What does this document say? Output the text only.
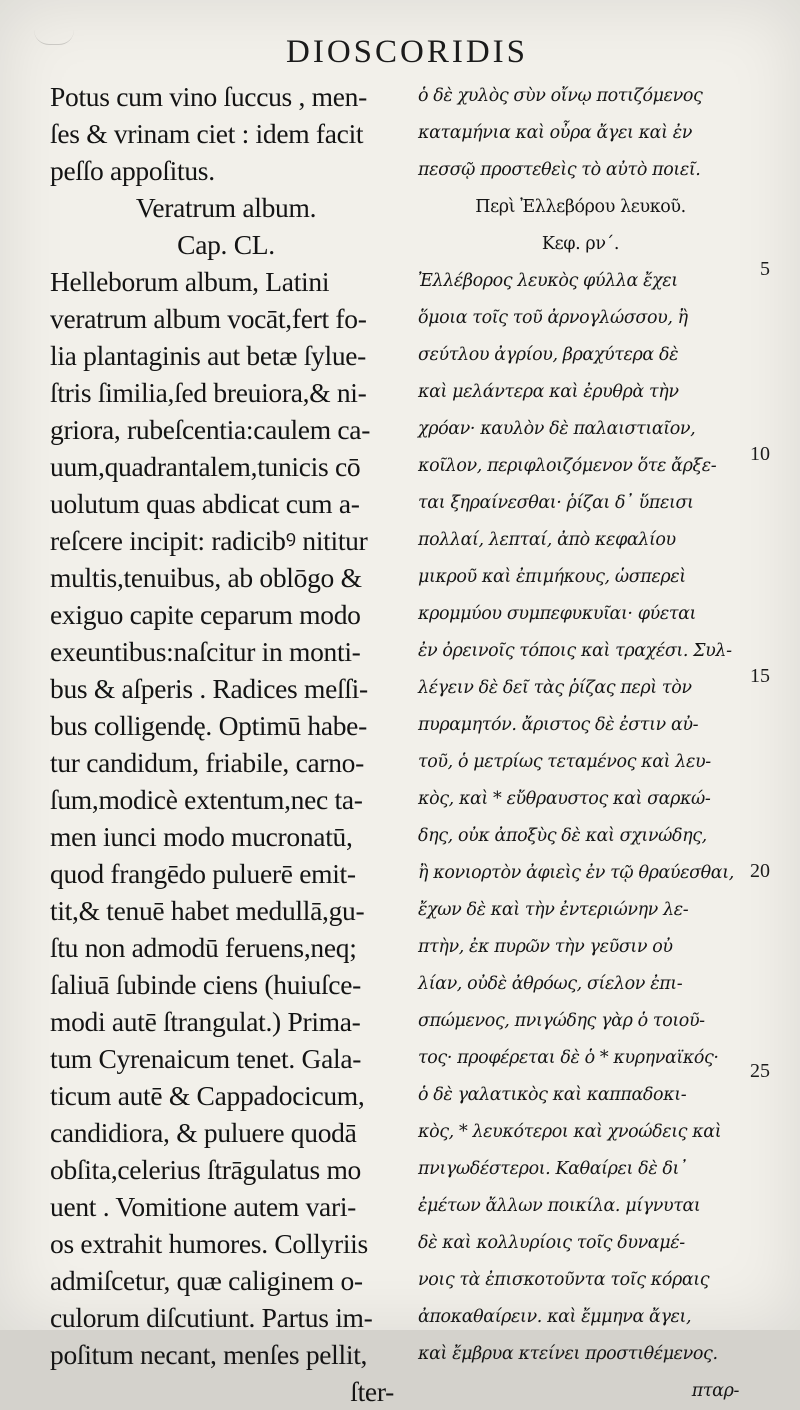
DIOSCORIDIS
Potus cum vino ſuccus , men-
ſes & vrinam ciet : idem facit
peſſo appoſitus.
Veratrum album.
Cap. CL.
Helleborum album, Latini
veratrum album vocāt,fert fo-
lia plantaginis aut betæ ſylue-
ſtris ſimilia,ſed breuiora,& ni-
griora, rubeſcentia:caulem ca-
uum,quadrantalem,tunicis cō
uolutum quas abdicat cum a-
reſcere incipit: radicibꝰ nititur
multis,tenuibus, ab oblōgo &
exiguo capite ceparum modo
exeuntibus:naſcitur in monti-
bus & aſperis . Radices meſſi-
bus colligendę. Optimū habe-
tur candidum, friabile, carno-
ſum,modicè extentum,nec ta-
men iunci modo mucronatū,
quod frangēdo puluerē emit-
tit,& tenuē habet medullā,gu-
ſtu non admodū feruens,neq;
ſaliuā ſubinde ciens (huiuſce-
modi autē ſtrangulat.) Prima-
tum Cyrenaicum tenet. Gala-
ticum autē & Cappadocicum,
candidiora, & puluere quodā
obſita,celerius ſtrāgulatus mo
uent . Vomitione autem vari-
os extrahit humores. Collyriis
admiſcetur, quæ caliginem o-
culorum diſcutiunt. Partus im-
poſitum necant, menſes pellit,
ſter-
ὁ δὲ χυλὸς σὺν οἴνῳ ποτιζόμενος
καταμήνια καὶ οὖρα ἄγει καὶ ἐν
πεσσῷ προστεθεὶς τὸ αὐτὸ ποιεῖ.
Περὶ Ἐλλεβόρου λευκοῦ.
Κεφ. ρν´.
Ἐλλέβορος λευκὸς φύλλα ἔχει
ὅμοια τοῖς τοῦ ἀρνογλώσσου, ἢ
σεύτλου ἀγρίου, βραχύτερα δὲ
καὶ μελάντερα καὶ ἐρυθρὰ τὴν
χρόαν· καυλὸν δὲ παλαιστιαῖον,
κοῖλον, περιφλοιζόμενον ὅτε ἄρξε-
ται ξηραίνεσθαι· ῥίζαι δ᾽ ὕπεισι
πολλαί, λεπταί, ἀπὸ κεφαλίου
μικροῦ καὶ ἐπιμήκους, ὡσπερεὶ
κρομμύου συμπεφυκυῖαι· φύεται
ἐν ὀρεινοῖς τόποις καὶ τραχέσι. Συλ-
λέγειν δὲ δεῖ τὰς ῥίζας περὶ τὸν
πυραμητόν. ἄριστος δὲ ἐστιν αὐ-
τοῦ, ὁ μετρίως τεταμένος καὶ λευ-
κὸς, καὶ * εὔθραυστος καὶ σαρκώ-
δης, οὐκ ἀποξὺς δὲ καὶ σχινώδης,
ἢ κονιορτὸν ἀφιεὶς ἐν τῷ θραύεσθαι,
ἔχων δὲ καὶ τὴν ἐντεριώνην λε-
πτὴν, ἐκ πυρῶν τὴν γεῦσιν οὐ
λίαν, οὐδὲ ἀθρόως, σίελον ἐπι-
σπώμενος, πνιγώδης γὰρ ὁ τοιοῦ-
τος· προφέρεται δὲ ὁ * κυρηναϊκός·
ὁ δὲ γαλατικὸς καὶ καππαδοκι-
κὸς, * λευκότεροι καὶ χνοώδεις καὶ
πνιγωδέστεροι. Καθαίρει δὲ δι᾽
ἐμέτων ἄλλων ποικίλα. μίγνυται
δὲ καὶ κολλυρίοις τοῖς δυναμέ-
νοις τὰ ἐπισκοτοῦντα τοῖς κόραις
ἀποκαθαίρειν. καὶ ἔμμηνα ἄγει,
καὶ ἔμβρυα κτείνει προστιθέμενος.
πταρ-
5
10
15
20
25
